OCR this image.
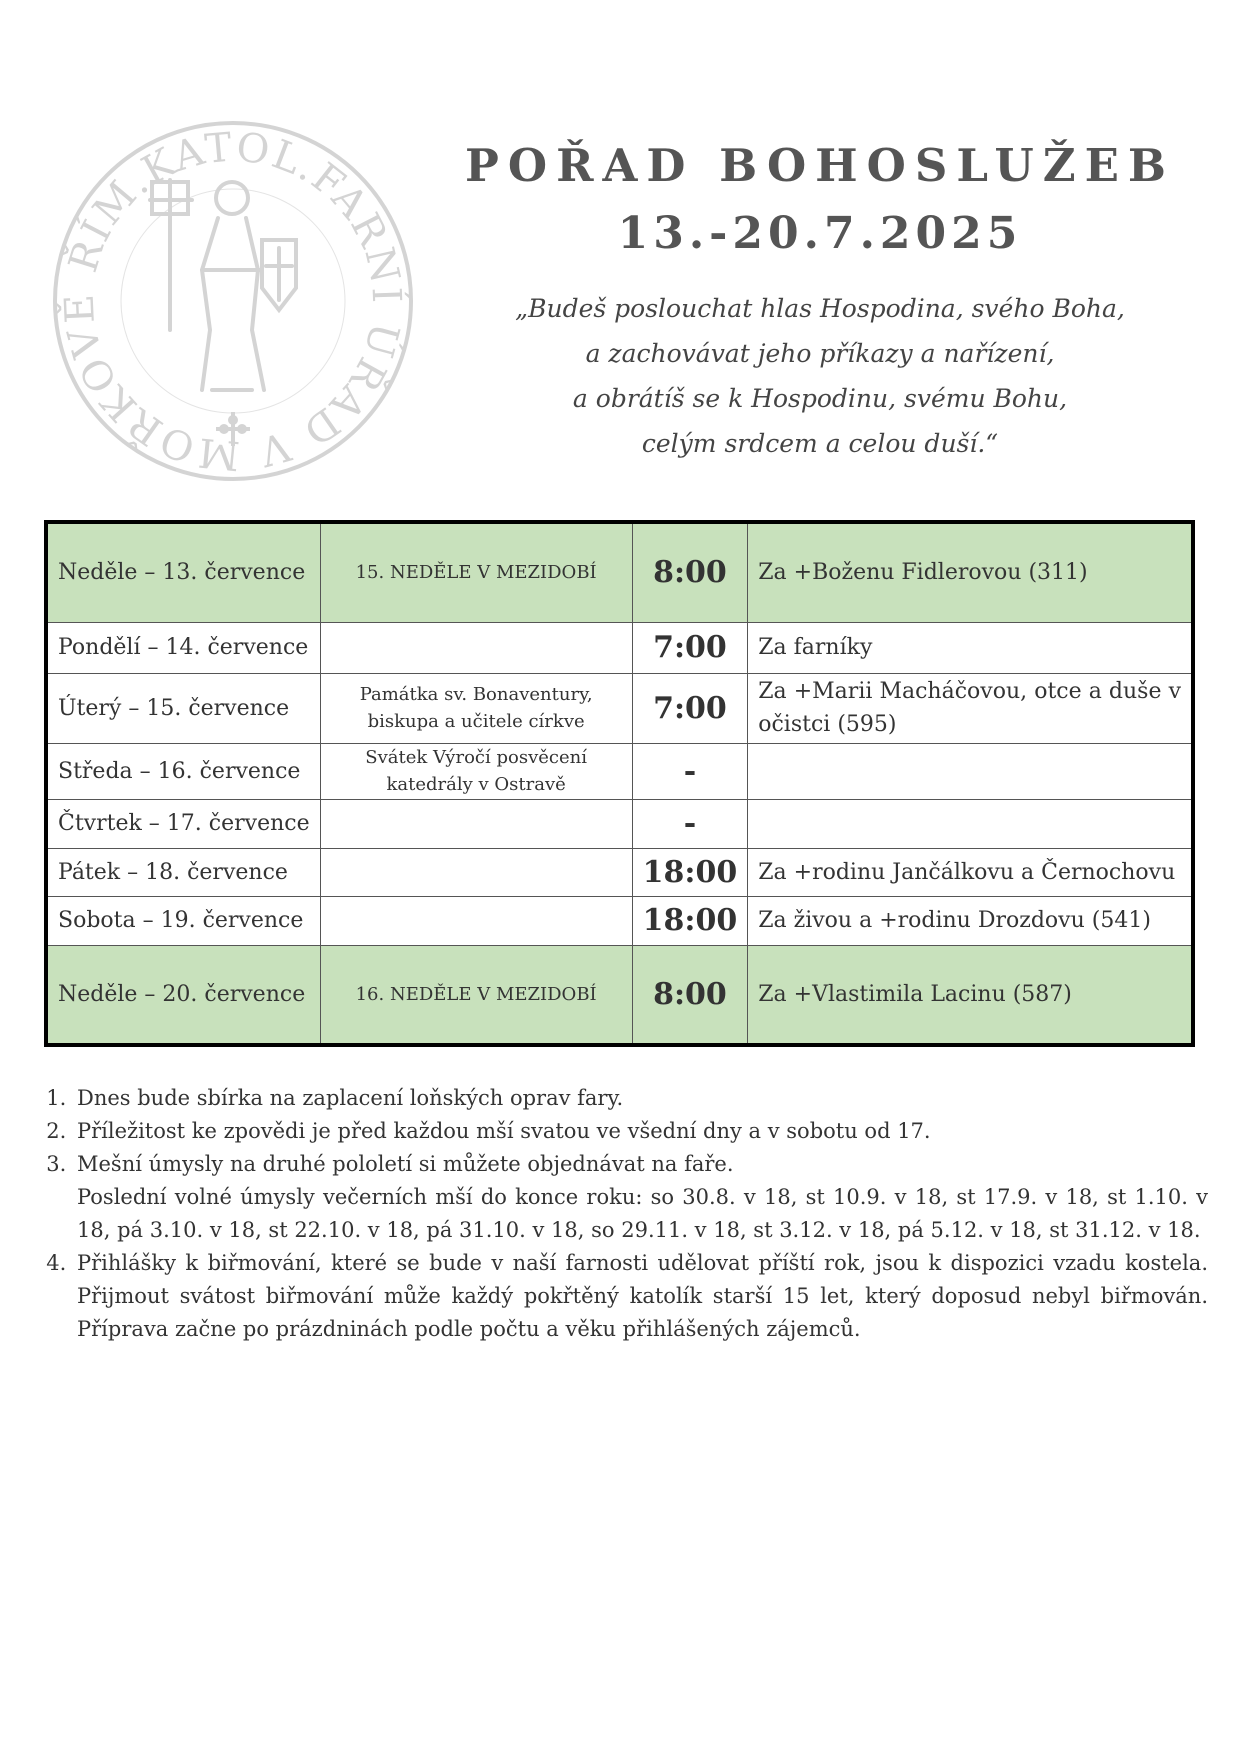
ŘÍM.KATOL.FARNÍ ÚŘAD V MOŘKOVĚ
POŘAD BOHOSLUŽEB
13.-20.7.2025
„Budeš poslouchat hlas Hospodina, svého Boha,
a zachovávat jeho příkazy a nařízení,
a obrátíš se k Hospodinu, svému Bohu,
celým srdcem a celou duší.“
Neděle – 13. července	15. NEDĚLE V MEZIDOBÍ	8:00	Za +Boženu Fidlerovou (311)
Pondělí – 14. července		7:00	Za farníky
Úterý – 15. července	Památka sv. Bonaventury, biskupa a učitele církve	7:00	Za +Marii Macháčovou, otce a duše v očistci (595)
Středa – 16. července	Svátek Výročí posvěcení katedrály v Ostravě	-	
Čtvrtek – 17. července		-	
Pátek – 18. července		18:00	Za +rodinu Jančálkovu a Černochovu
Sobota – 19. července		18:00	Za živou a +rodinu Drozdovu (541)
Neděle – 20. července	16. NEDĚLE V MEZIDOBÍ	8:00	Za +Vlastimila Lacinu (587)
1. Dnes bude sbírka na zaplacení loňských oprav fary.
2. Příležitost ke zpovědi je před každou mší svatou ve všední dny a v sobotu od 17.
3. Mešní úmysly na druhé pololetí si můžete objednávat na faře.
Poslední volné úmysly večerních mší do konce roku: so 30.8. v 18, st 10.9. v 18, st 17.9. v 18, st 1.10. v 18, pá 3.10. v 18, st 22.10. v 18, pá 31.10. v 18, so 29.11. v 18, st 3.12. v 18, pá 5.12. v 18, st 31.12. v 18.
4. Přihlášky k biřmování, které se bude v naší farnosti udělovat příští rok, jsou k dispozici vzadu kostela. Přijmout svátost biřmování může každý pokřtěný katolík starší 15 let, který doposud nebyl biřmován. Příprava začne po prázdninách podle počtu a věku přihlášených zájemců.
